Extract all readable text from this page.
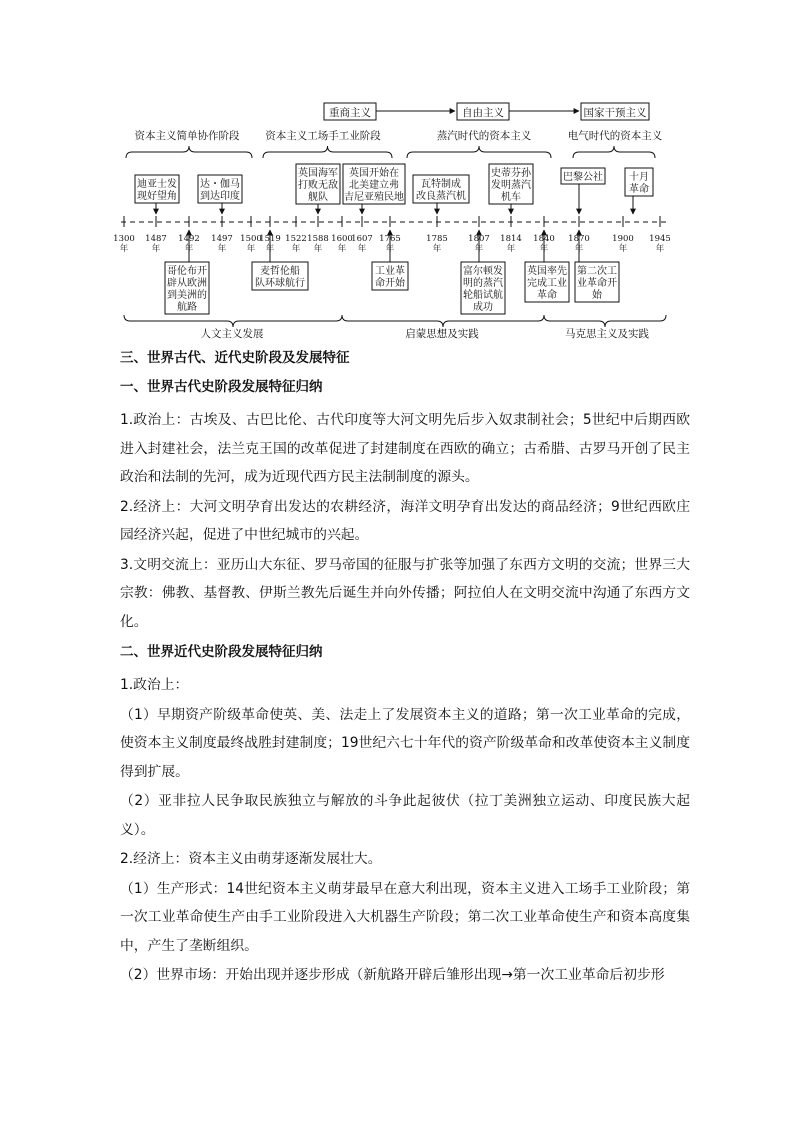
重商主义	自由主义	国家干预主义
资本主义简单协作阶段 资本主义工场手工业阶段	蒸汽时代的资本主义	电气时代的资本主义
1300 年
1487 年
1492 年
1497 年
1500 年
1519 年
1522 年
1588 年
1600 年
1607 年
1765 年
1785 年
1807 年
1814 年
1840 年
1870 年
1900 年
1945 年
迪亚士发现好望角
达・伽马到达印度
英国海军打败无敌舰队
英国开始在北美建立弗吉尼亚殖民地
瓦特制成改良蒸汽机
史蒂芬孙发明蒸汽机车
巴黎公社	十月革命
哥伦布开辟从欧洲到美洲的航路
麦哲伦船队环球航行
工业革命开始
富尔顿发明的蒸汽轮船试航成功
英国率先完成工业革命
第二次工业革命开始
人文主义发展	启蒙思想及实践	马克思主义及实践
三、世界古代、近代史阶段及发展特征
一、世界古代史阶段发展特征归纳

1.政治上：古埃及、古巴比伦、古代印度等大河文明先后步入奴隶制社会；5世纪中后期西欧进入封建社会，法兰克王国的改革促进了封建制度在西欧的确立；古希腊、古罗马开创了民主政治和法制的先河，成为近现代西方民主法制制度的源头。

2.经济上：大河文明孕育出发达的农耕经济，海洋文明孕育出发达的商品经济；9世纪西欧庄园经济兴起，促进了中世纪城市的兴起。

3.文明交流上：亚历山大东征、罗马帝国的征服与扩张等加强了东西方文明的交流；世界三大宗教：佛教、基督教、伊斯兰教先后诞生并向外传播；阿拉伯人在文明交流中沟通了东西方文化。

二、世界近代史阶段发展特征归纳

1.政治上：

（1）早期资产阶级革命使英、美、法走上了发展资本主义的道路；第一次工业革命的完成，使资本主义制度最终战胜封建制度；19世纪六七十年代的资产阶级革命和改革使资本主义制度得到扩展。

（2）亚非拉人民争取民族独立与解放的斗争此起彼伏（拉丁美洲独立运动、印度民族大起义）。

2.经济上：资本主义由萌芽逐渐发展壮大。

（1）生产形式：14世纪资本主义萌芽最早在意大利出现，资本主义进入工场手工业阶段；第一次工业革命使生产由手工业阶段进入大机器生产阶段；第二次工业革命使生产和资本高度集中，产生了垄断组织。

（2）世界市场：开始出现并逐步形成（新航路开辟后雏形出现→第一次工业革命后初步形
